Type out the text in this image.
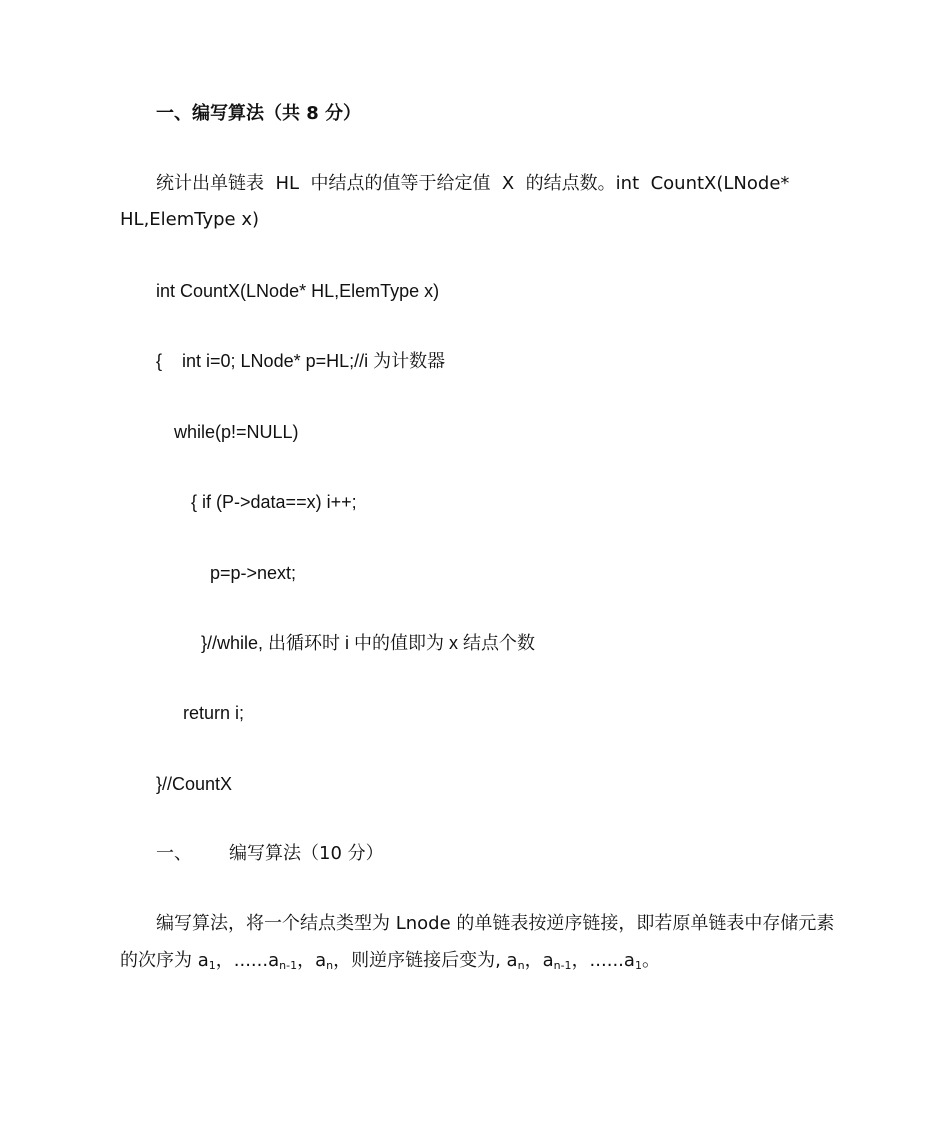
一、编写算法（共 8 分）
统计出单链表  HL  中结点的值等于给定值  X  的结点数。int  CountX(LNode*
HL,ElemType x)
int CountX(LNode* HL,ElemType x)
{    int i=0; LNode* p=HL;//i 为计数器
while(p!=NULL)
{ if (P->data==x) i++;
p=p->next;
}//while, 出循环时 i 中的值即为 x 结点个数
return i;
}//CountX
一、 编写算法（10 分）
编写算法，将一个结点类型为 Lnode 的单链表按逆序链接，即若原单链表中存储元素
的次序为 $a_1$，$......a_{n-1}$，$a_n$，则逆序链接后变为, $a_n$，$a_{n-1}$，$......a_1$。
